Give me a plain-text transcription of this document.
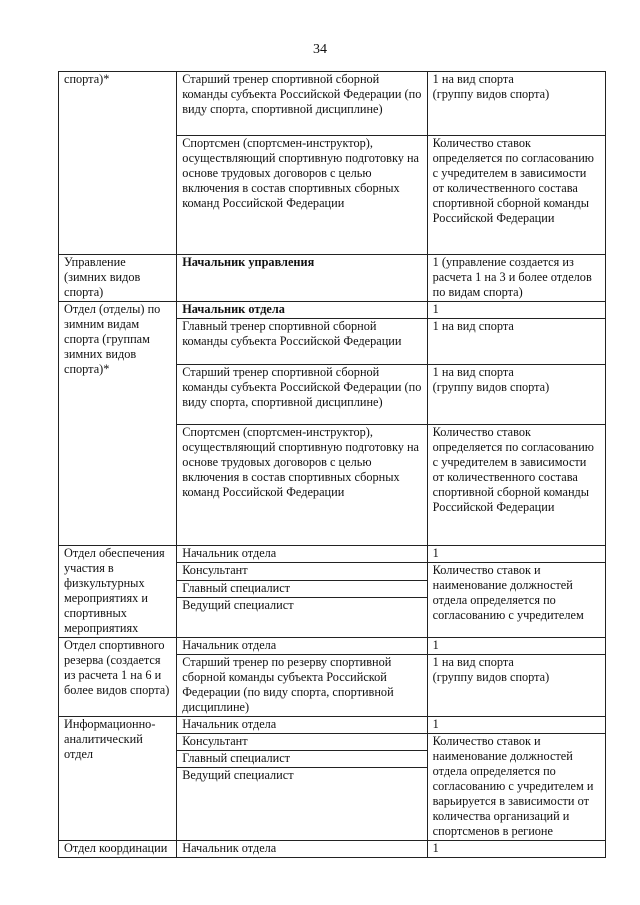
34
спорта)*	Старший тренер спортивной сборной команды субъекта Российской Федерации (по виду спорта, спортивной дисциплине)	1 на вид спорта
(группу видов спорта)
	Спортсмен (спортсмен-инструктор), осуществляющий спортивную подготовку на основе трудовых договоров с целью включения в состав спортивных сборных команд Российской Федерации	Количество ставок определяется по согласованию с учредителем в зависимости от количественного состава спортивной сборной команды Российской Федерации
Управление (зимних видов спорта)	Начальник управления	1 (управление создается из расчета 1 на 3 и более отделов по видам спорта)
Отдел (отделы) по зимним видам спорта (группам зимних видов спорта)*	Начальник отдела	1
	Главный тренер спортивной сборной команды субъекта Российской Федерации	1 на вид спорта
	Старший тренер спортивной сборной команды субъекта Российской Федерации (по виду спорта, спортивной дисциплине)	1 на вид спорта
(группу видов спорта)
	Спортсмен (спортсмен-инструктор), осуществляющий спортивную подготовку на основе трудовых договоров с целью включения в состав спортивных сборных команд Российской Федерации	Количество ставок определяется по согласованию с учредителем в зависимости от количественного состава спортивной сборной команды Российской Федерации
Отдел обеспечения участия в физкультурных мероприятиях и спортивных мероприятиях	Начальник отдела	1
	Консультант	Количество ставок и наименование должностей отдела определяется по согласованию с учредителем
	Главный специалист	
	Ведущий специалист	
Отдел спортивного резерва (создается из расчета 1 на 6 и более видов спорта)	Начальник отдела	1
	Старший тренер по резерву спортивной сборной команды субъекта Российской Федерации (по виду спорта, спортивной дисциплине)	1 на вид спорта
(группу видов спорта)
Информационно-аналитический отдел	Начальник отдела	1
	Консультант	Количество ставок и наименование должностей отдела определяется по согласованию с учредителем и варьируется в зависимости от количества организаций и спортсменов в регионе
	Главный специалист	
	Ведущий специалист	
Отдел координации	Начальник отдела	1
